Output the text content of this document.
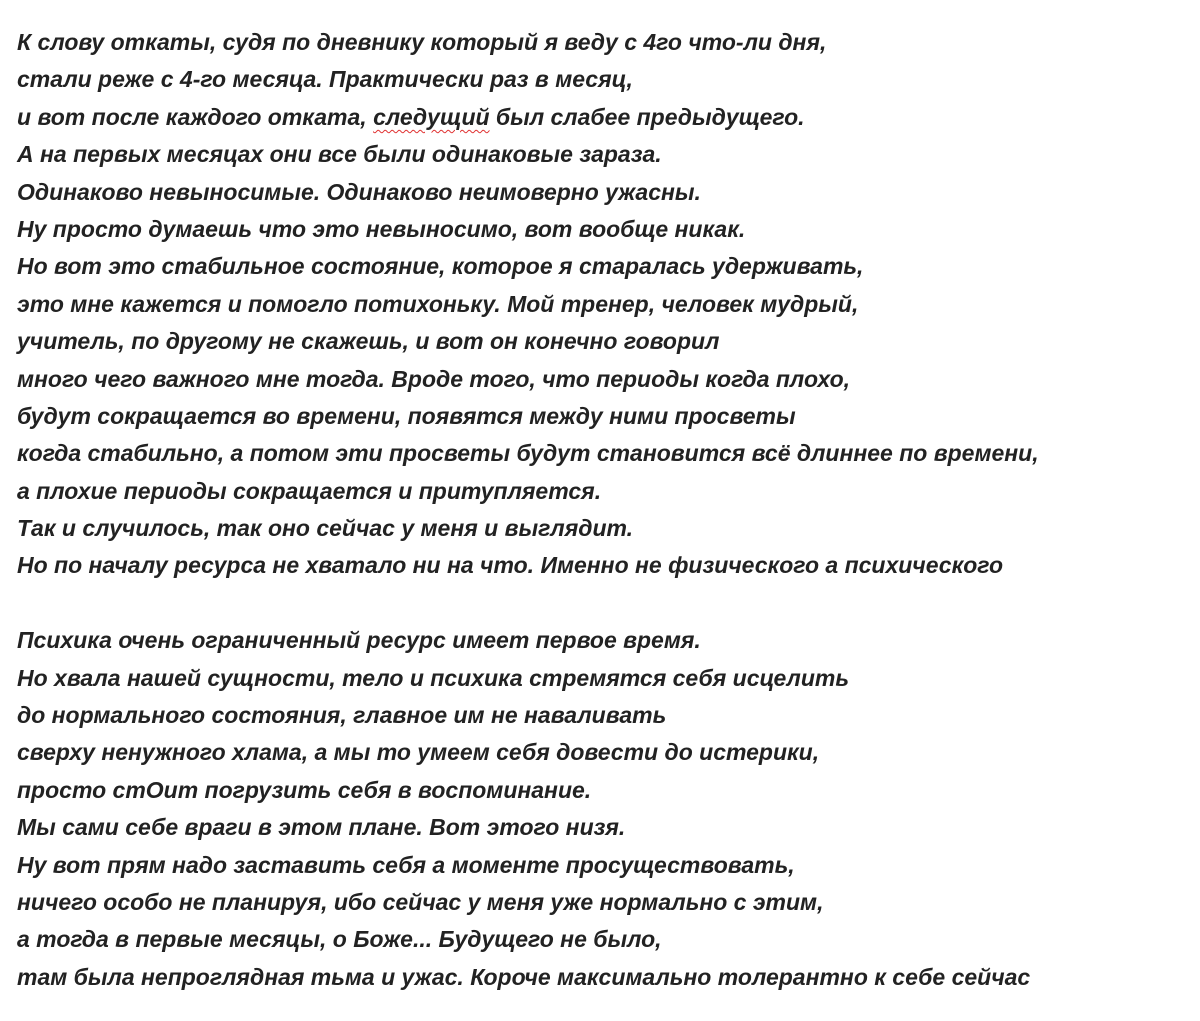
К слову откаты, судя по дневнику который я веду с 4го что-ли дня,
стали реже с 4-го месяца. Практически раз в месяц,
и вот после каждого отката, следущий был слабее предыдущего.
А на первых месяцах они все были одинаковые зараза.
Одинаково невыносимые. Одинаково неимоверно ужасны.
Ну просто думаешь что это невыносимо, вот вообще никак.
Но вот это стабильное состояние, которое я старалась удерживать,
это мне кажется и помогло потихоньку. Мой тренер, человек мудрый,
учитель, по другому не скажешь, и вот он конечно говорил
много чего важного мне тогда. Вроде того, что периоды когда плохо,
будут сокращается во времени, появятся между ними просветы
когда стабильно, а потом эти просветы будут становится всё длиннее по времени,
а плохие периоды сокращается и притупляется.
Так и случилось, так оно сейчас у меня и выглядит.
Но по началу ресурса не хватало ни на что. Именно не физического а психического
Психика очень ограниченный ресурс имеет первое время.
Но хвала нашей сущности, тело и психика стремятся себя исцелить
до нормального состояния, главное им не наваливать
сверху ненужного хлама, а мы то умеем себя довести до истерики,
просто стОит погрузить себя в воспоминание.
Мы сами себе враги в этом плане. Вот этого низя.
Ну вот прям надо заставить себя а моменте просуществовать,
ничего особо не планируя, ибо сейчас у меня уже нормально с этим,
а тогда в первые месяцы, о Боже... Будущего не было,
там была непроглядная тьма и ужас. Короче максимально толерантно к себе сейчас
